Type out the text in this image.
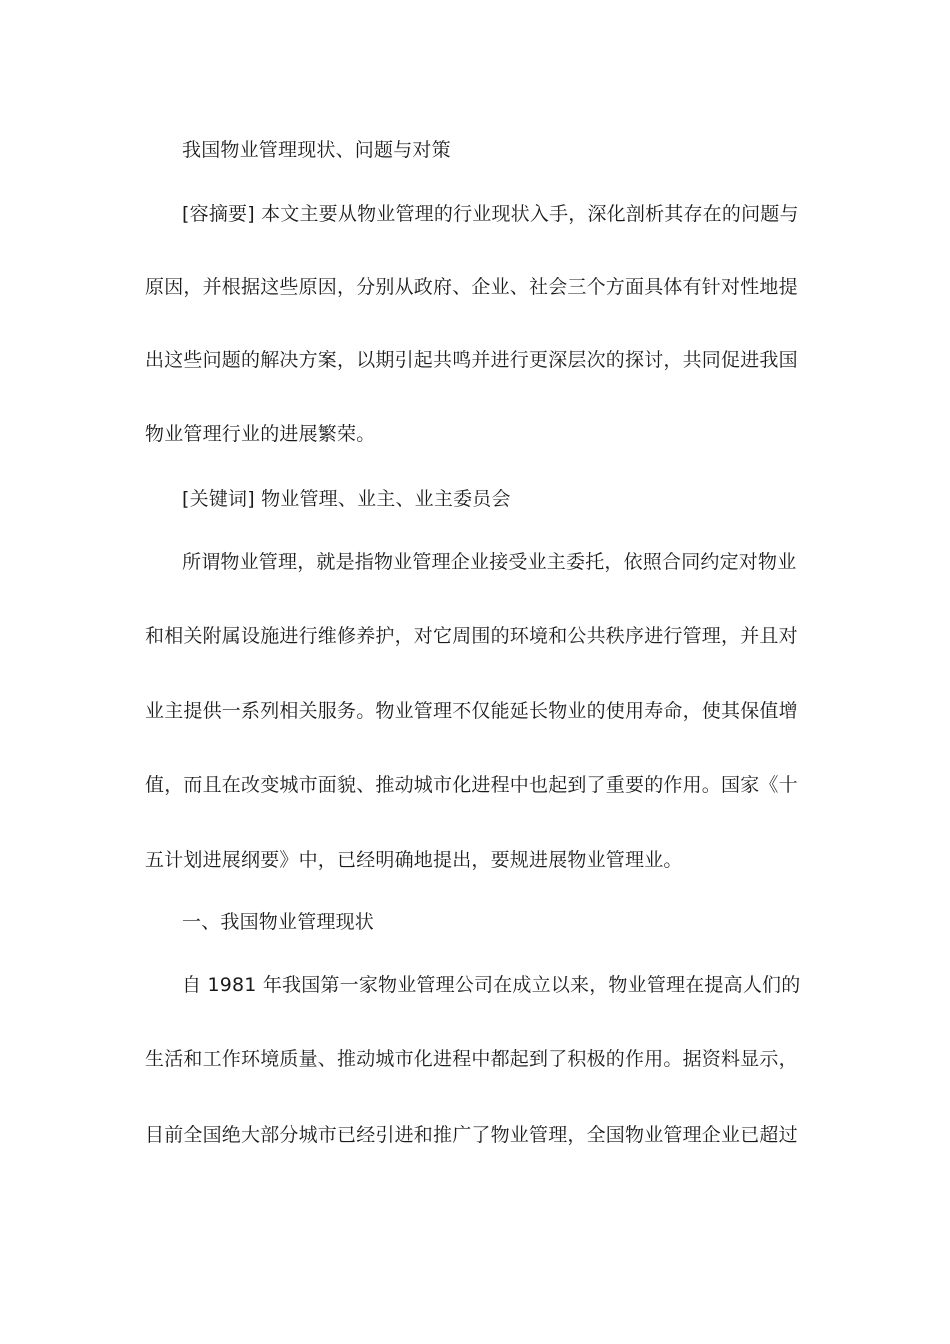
我国物业管理现状、问题与对策
[容摘要] 本文主要从物业管理的行业现状入手，深化剖析其存在的问题与
原因，并根据这些原因，分别从政府、企业、社会三个方面具体有针对性地提
出这些问题的解决方案，以期引起共鸣并进行更深层次的探讨，共同促进我国
物业管理行业的进展繁荣。
[关键词] 物业管理、业主、业主委员会
所谓物业管理，就是指物业管理企业接受业主委托，依照合同约定对物业
和相关附属设施进行维修养护，对它周围的环境和公共秩序进行管理，并且对
业主提供一系列相关服务。物业管理不仅能延长物业的使用寿命，使其保值增
值，而且在改变城市面貌、推动城市化进程中也起到了重要的作用。国家《十
五计划进展纲要》中，已经明确地提出，要规进展物业管理业。
一、我国物业管理现状
自 1981 年我国第一家物业管理公司在成立以来，物业管理在提高人们的
生活和工作环境质量、推动城市化进程中都起到了积极的作用。据资料显示，
目前全国绝大部分城市已经引进和推广了物业管理，全国物业管理企业已超过
